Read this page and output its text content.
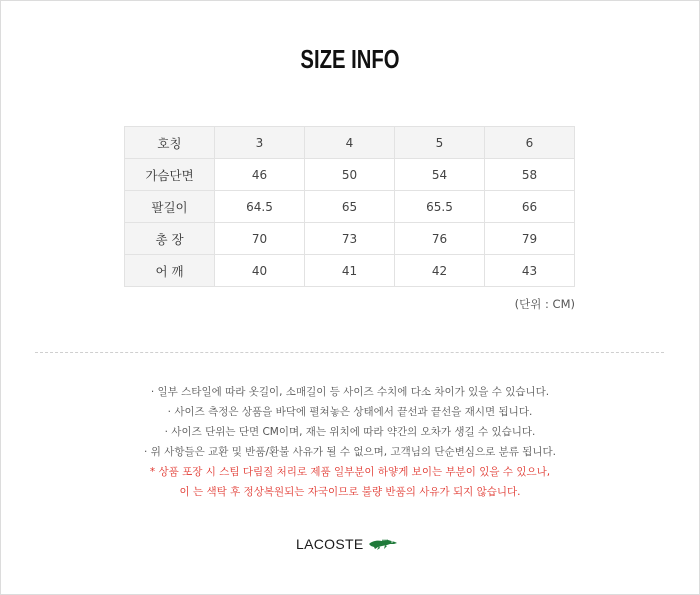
SIZE INFO
호칭	3	4	5	6
가슴단면	46	50	54	58
팔길이	64.5	65	65.5	66
총 장	70	73	76	79
어 깨	40	41	42	43
(단위 : CM)
· 일부 스타일에 따라 옷길이, 소매길이 등 사이즈 수치에 다소 차이가 있을 수 있습니다.
· 사이즈 측정은 상품을 바닥에 펼쳐놓은 상태에서 끝선과 끝선을 재시면 됩니다.
· 사이즈 단위는 단면 CM이며, 재는 위치에 따라 약간의 오차가 생길 수 있습니다.
· 위 사항들은 교환 및 반품/환불 사유가 될 수 없으며, 고객님의 단순변심으로 분류 됩니다.
* 상품 포장 시 스팀 다림질 처리로 제품 일부분이 하얗게 보이는 부분이 있을 수 있으나,
이 는 색탁 후 정상복원되는 자국이므로 불량 반품의 사유가 되지 않습니다.
LACOSTE
